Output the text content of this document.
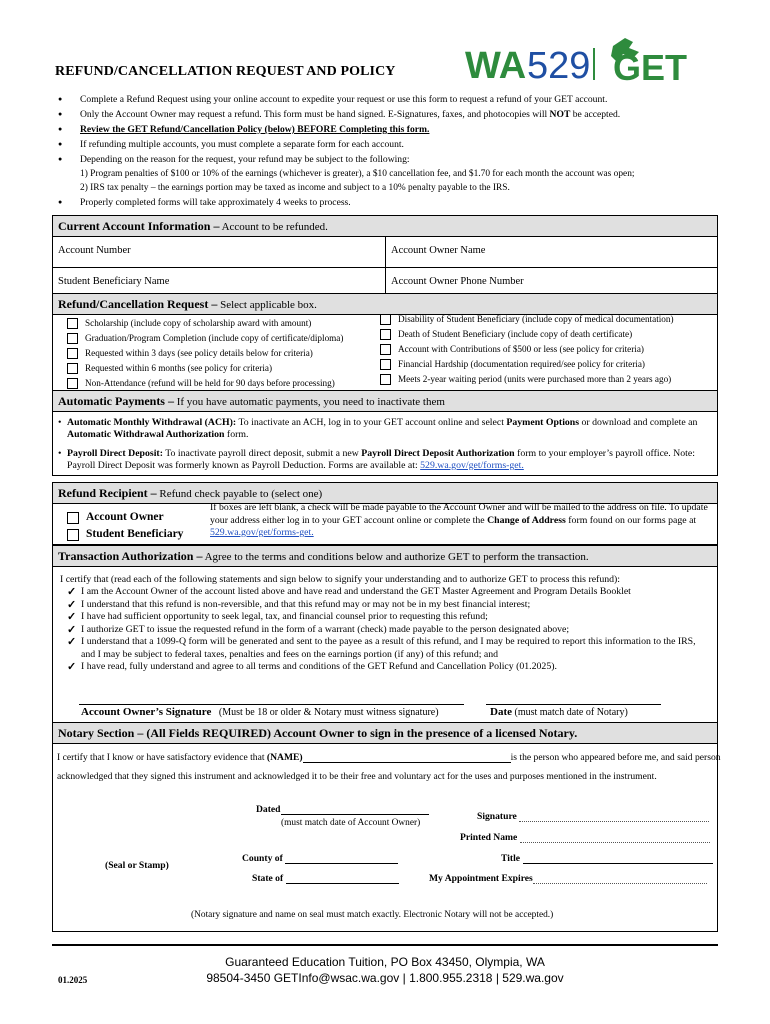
WA 529 GET
REFUND/CANCELLATION REQUEST AND POLICY
● Complete a Refund Request using your online account to expedite your request or use this form to request a refund of your GET account.
● Only the Account Owner may request a refund. This form must be hand signed. E-Signatures, faxes, and photocopies will NOT be accepted.
● Review the GET Refund/Cancellation Policy (below) BEFORE Completing this form.
● If refunding multiple accounts, you must complete a separate form for each account.
● Depending on the reason for the request, your refund may be subject to the following:
1) Program penalties of $100 or 10% of the earnings (whichever is greater), a $10 cancellation fee, and $1.70 for each month the account was open;
2) IRS tax penalty – the earnings portion may be taxed as income and subject to a 10% penalty payable to the IRS.
● Properly completed forms will take approximately 4 weeks to process.
Current Account Information – Account to be refunded.
Account Number	Account Owner Name
Student Beneficiary Name	Account Owner Phone Number
Refund/Cancellation Request – Select applicable box.
Scholarship (include copy of scholarship award with amount)
Graduation/Program Completion (include copy of certificate/diploma)
Requested within 3 days (see policy details below for criteria)
Requested within 6 months (see policy for criteria)
Non-Attendance (refund will be held for 90 days before processing)
Disability of Student Beneficiary (include copy of medical documentation)
Death of Student Beneficiary (include copy of death certificate)
Account with Contributions of $500 or less (see policy for criteria)
Financial Hardship (documentation required/see policy for criteria)
Meets 2-year waiting period (units were purchased more than 2 years ago)
Automatic Payments – If you have automatic payments, you need to inactivate them
• Automatic Monthly Withdrawal (ACH): To inactivate an ACH, log in to your GET account online and select Payment Options or download and complete an Automatic Withdrawal Authorization form.
• Payroll Direct Deposit: To inactivate payroll direct deposit, submit a new Payroll Direct Deposit Authorization form to your employer’s payroll office. Note: Payroll Direct Deposit was formerly known as Payroll Deduction. Forms are available at: 529.wa.gov/get/forms-get.
Refund Recipient – Refund check payable to (select one)
Account Owner
Student Beneficiary
If boxes are left blank, a check will be made payable to the Account Owner and will be mailed to the address on file. To update your address either log in to your GET account online or complete the Change of Address form found on our forms page at 529.wa.gov/get/forms-get.
Transaction Authorization – Agree to the terms and conditions below and authorize GET to perform the transaction.
I certify that (read each of the following statements and sign below to signify your understanding and to authorize GET to process this refund):
✓ I am the Account Owner of the account listed above and have read and understand the GET Master Agreement and Program Details Booklet
✓ I understand that this refund is non-reversible, and that this refund may or may not be in my best financial interest;
✓ I have had sufficient opportunity to seek legal, tax, and financial counsel prior to requesting this refund;
✓ I authorize GET to issue the requested refund in the form of a warrant (check) made payable to the person designated above;
✓ I understand that a 1099-Q form will be generated and sent to the payee as a result of this refund, and I may be required to report this information to the IRS, and I may be subject to federal taxes, penalties and fees on the earnings portion (if any) of this refund; and
✓ I have read, fully understand and agree to all terms and conditions of the GET Refund and Cancellation Policy (01.2025).
Account Owner’s Signature (Must be 18 or older & Notary must witness signature)	Date (must match date of Notary)
Notary Section – (All Fields REQUIRED) Account Owner to sign in the presence of a licensed Notary.
I certify that I know or have satisfactory evidence that (NAME)	is the person who appeared before me, and said person
acknowledged that they signed this instrument and acknowledged it to be their free and voluntary act for the uses and purposes mentioned in the instrument.
Dated
(must match date of Account Owner)
Signature
Printed Name
(Seal or Stamp)
County of	Title
State of	My Appointment Expires
(Notary signature and name on seal must match exactly. Electronic Notary will not be accepted.)
Guaranteed Education Tuition, PO Box 43450, Olympia, WA
98504-3450 GETInfo@wsac.wa.gov | 1.800.955.2318 | 529.wa.gov
01.2025
